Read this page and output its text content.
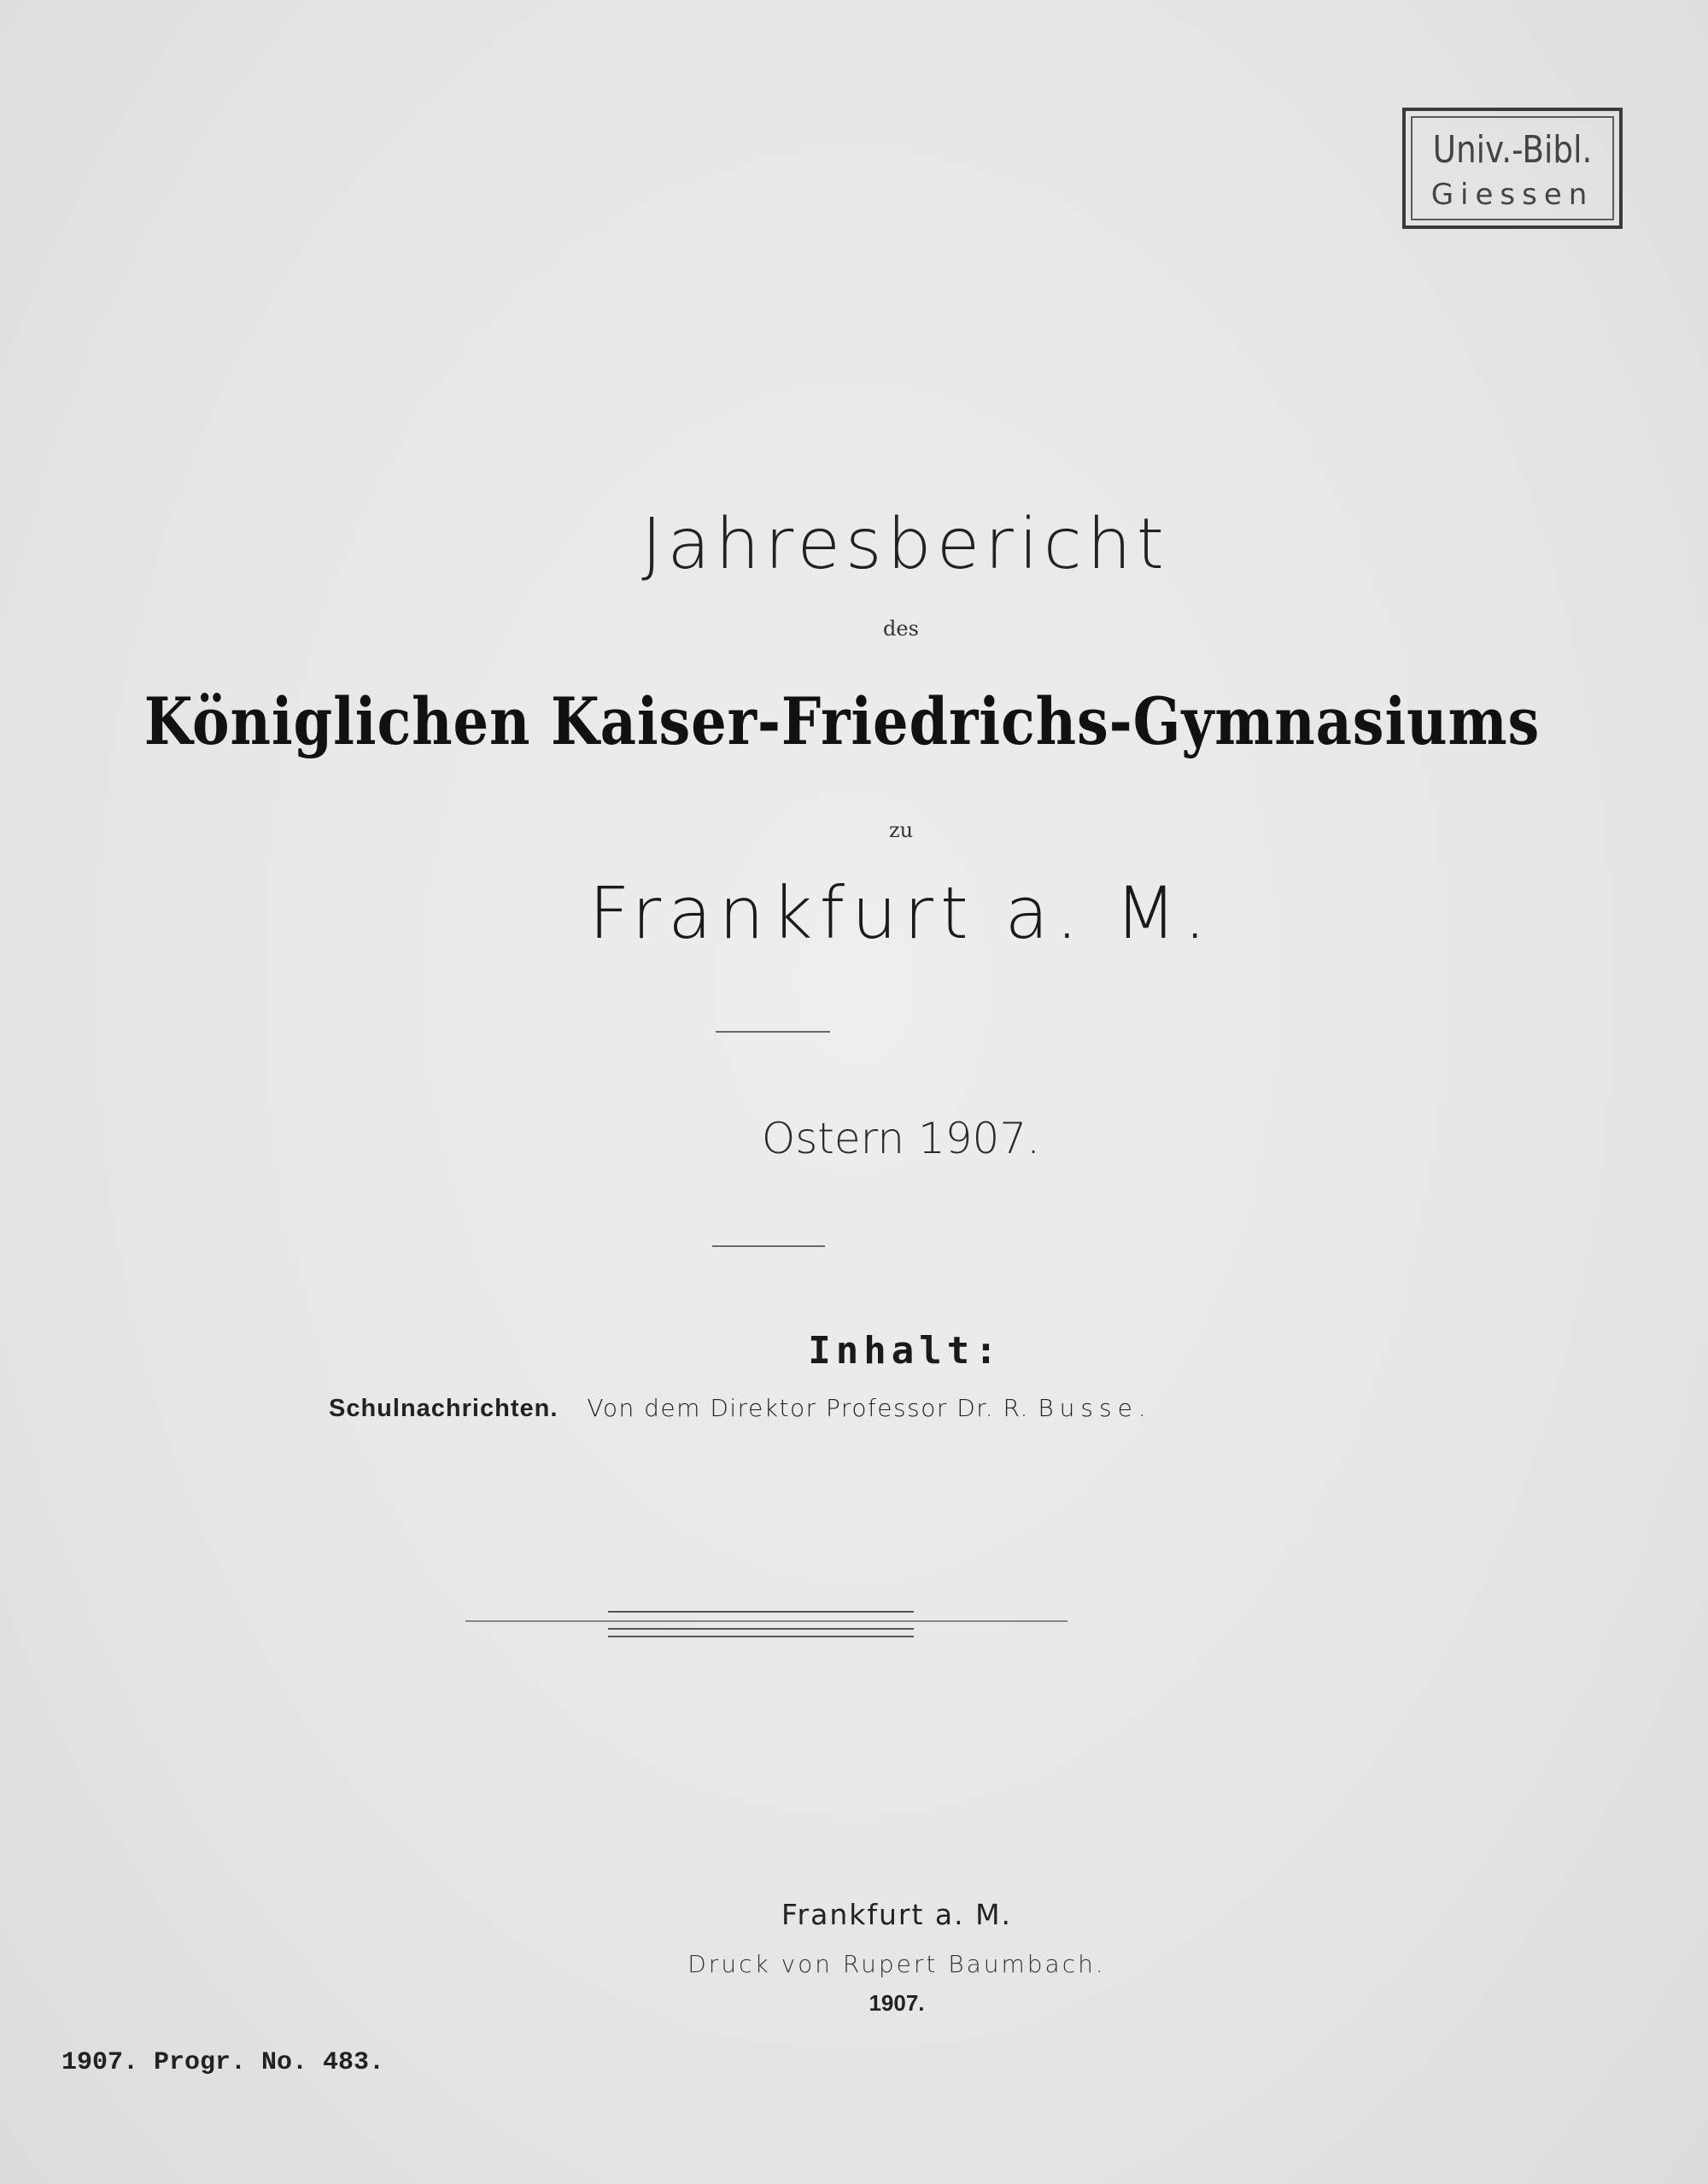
Univ.-Bibl.
Giessen
Jahresbericht
des
Königlichen Kaiser-Friedrichs-Gymnasiums
zu
Frankfurt a. M.
Ostern 1907.
Inhalt:
Schulnachrichten. Von dem Direktor Professor Dr. R. Busse.
Frankfurt a. M.
Druck von Rupert Baumbach.
1907.
1907. Progr. No. 483.
